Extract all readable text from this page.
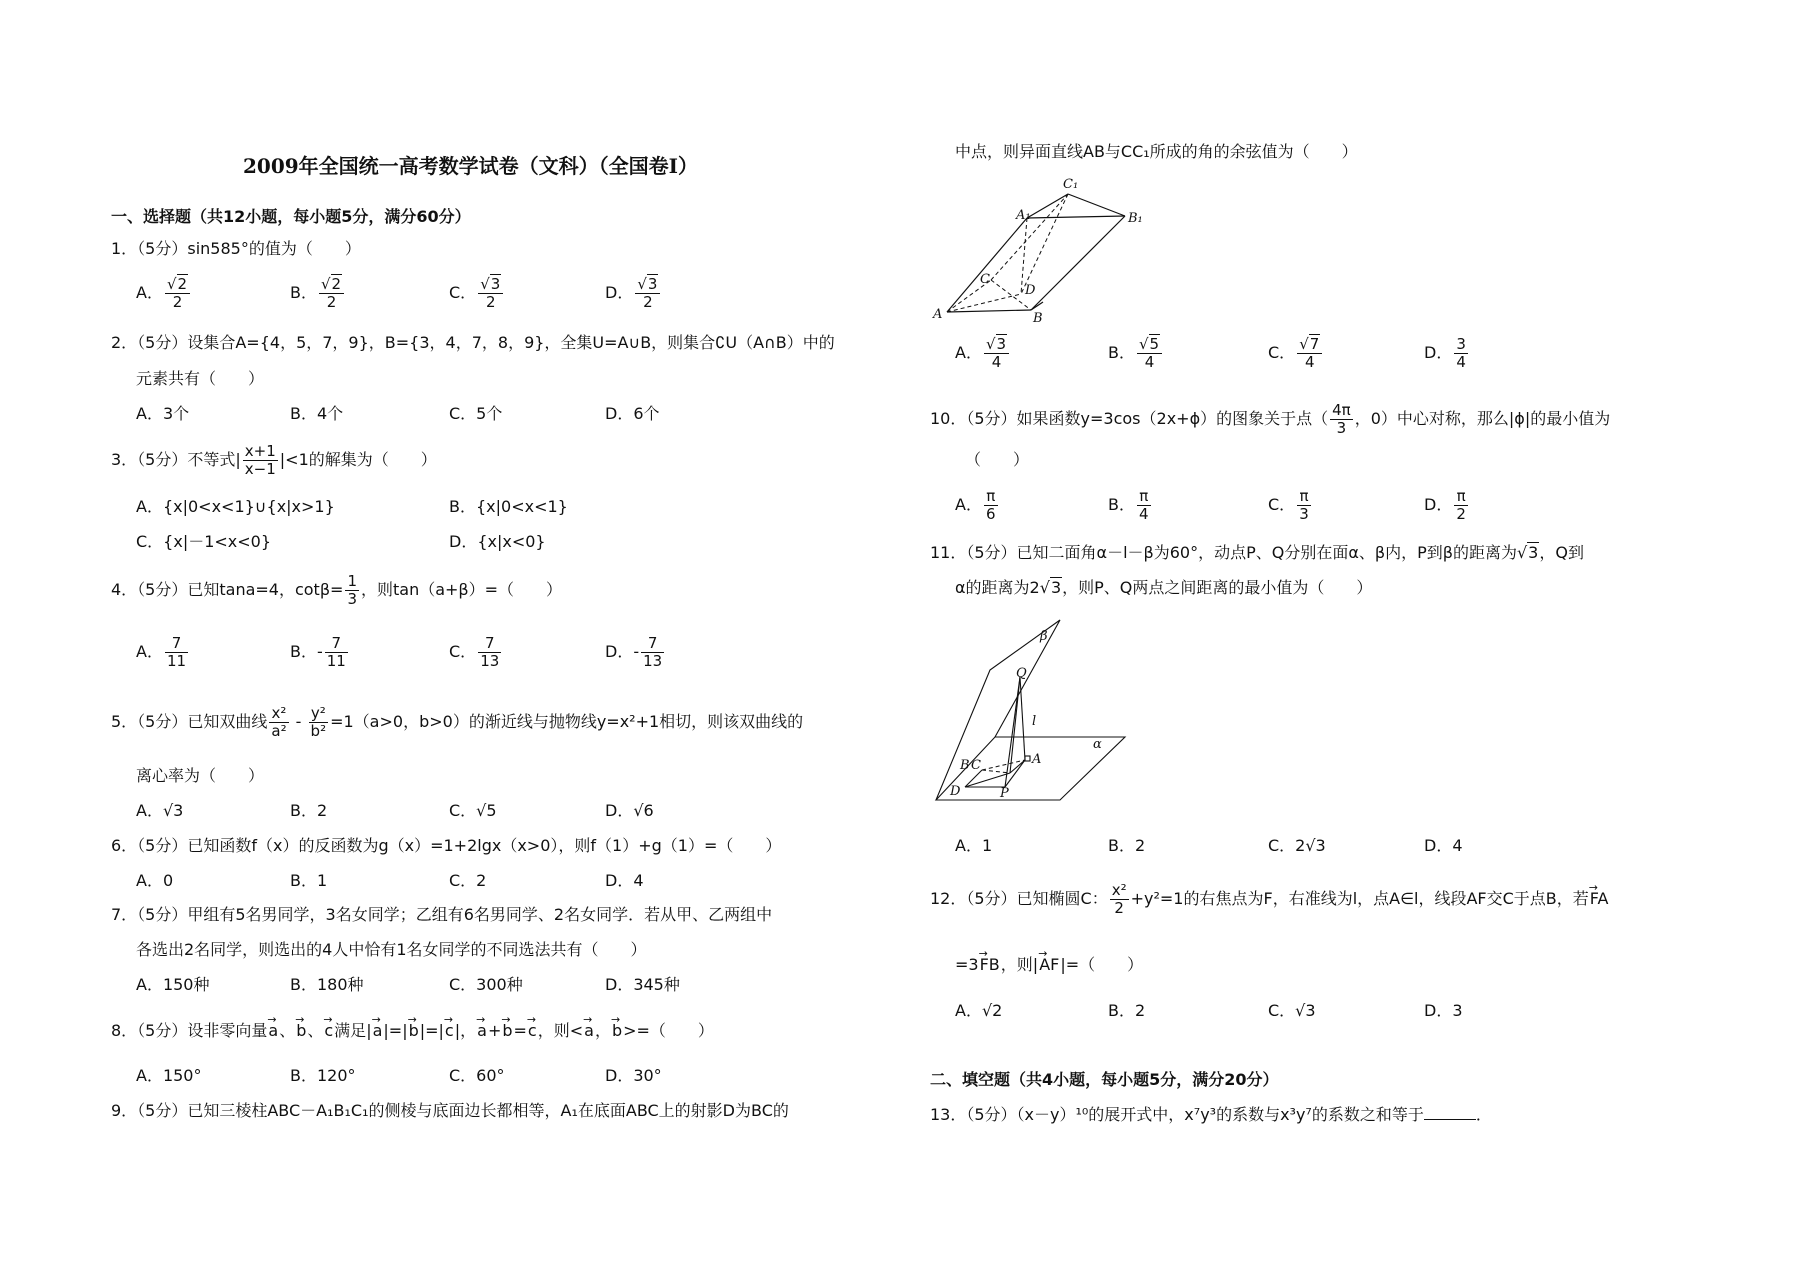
2009年全国统一高考数学试卷（文科）（全国卷I）
一、选择题（共12小题，每小题5分，满分60分）
1．（5分）sin585°的值为（　　）
A． $\frac{√2}{2}$	B． $\frac{√2}{2}$	C． $\frac{√3}{2}$	D． $\frac{√3}{2}$
2．（5分）设集合A={4，5，7，9}，B={3，4，7，8，9}，全集U=A∪B，则集合∁U（A∩B）中的
元素共有（　　）
A．3个	B．4个	C．5个	D．6个
3．（5分）不等式| $\frac{x+1}{x-1} |<1$的解集为（　　）
A．{x|0<x<1}∪{x|x>1}	B．{x|0<x<1}
C．{x|－1<x<0}	D．{x|x<0}
4．（5分）已知tana=4，$\cot\beta= \frac{1}{3}$ ，则tan（a+β）=（　　）
A． $\frac{7}{11}$	B．- $\frac{7}{11}$	C． $\frac{7}{13}$	D．- $\frac{7}{13}$
5．（5分）已知双曲线 $\frac{\text{x²}}{\text{a²}} - \frac{\text{y²}}{\text{b²}} =1(a>0$，b>0）的渐近线与抛物线y=x²+1相切，则该双曲线的
离心率为（　　）
A．√3	B．2	C．√5	D．√6
6．（5分）已知函数f（x）的反函数为g（x）=1+2lgx（x>0），则f（1）+g（1）=（　　）
A．0	B．1	C．2	D．4
7．（5分）甲组有5名男同学，3名女同学；乙组有6名男同学、2名女同学．若从甲、乙两组中
各选出2名同学，则选出的4人中恰有1名女同学的不同选法共有（　　）
A．150种	B．180种	C．300种	D．345种
8．（5分）设非零向量→ a、→ b、→ c满足|→ a|=|→ b|=|→ c|，→ a+→ b=→ c，则<→ a，→ b>=（　　）
A．150°	B．120°	C．60°	D．30°
9．（5分）已知三棱柱ABC－A₁B₁C₁的侧棱与底面边长都相等，A₁在底面ABC上的射影D为BC的
中点，则异面直线AB与CC₁所成的角的余弦值为（　　）
C₁
A₁	B₁
C
D
A	B
A． $\frac{√3}{4}$	B． $\frac{√5}{4}$	C． $\frac{√7}{4}$	D． $\frac{3}{4}$
10．（5分）如果函数y=3cos（2x+ϕ）的图象关于点（ $\frac{4\pi}{3}$ ，0）中心对称，那么|ϕ|的最小值为
（　　）
A． $\frac{\pi}{6}$	B． $\frac{\pi}{4}$	C． $\frac{\pi}{3}$	D． $\frac{\pi}{2}$
11．（5分）已知二面角α－l－β为60°，动点P、Q分别在面α、β内，P到β的距离为√3，Q到
α的距离为2√3，则P、Q两点之间距离的最小值为（　　）
β
Q
l
α
B C	A
D	P
A．1	B．2	C．2√3	D．4
12．（5分）已知椭圆C： $\frac{\text{x²}}{2} +y^2=1$的右焦点为F，右准线为l，点A∈l，线段AF交C于点B，若→ FA
=3→ FB，则|→ AF|=（　　）
A．√2	B．2	C．√3	D．3
二、填空题（共4小题，每小题5分，满分20分）
13．（5分）（x－y）¹⁰的展开式中，x⁷y³的系数与x³y⁷的系数之和等于	．
